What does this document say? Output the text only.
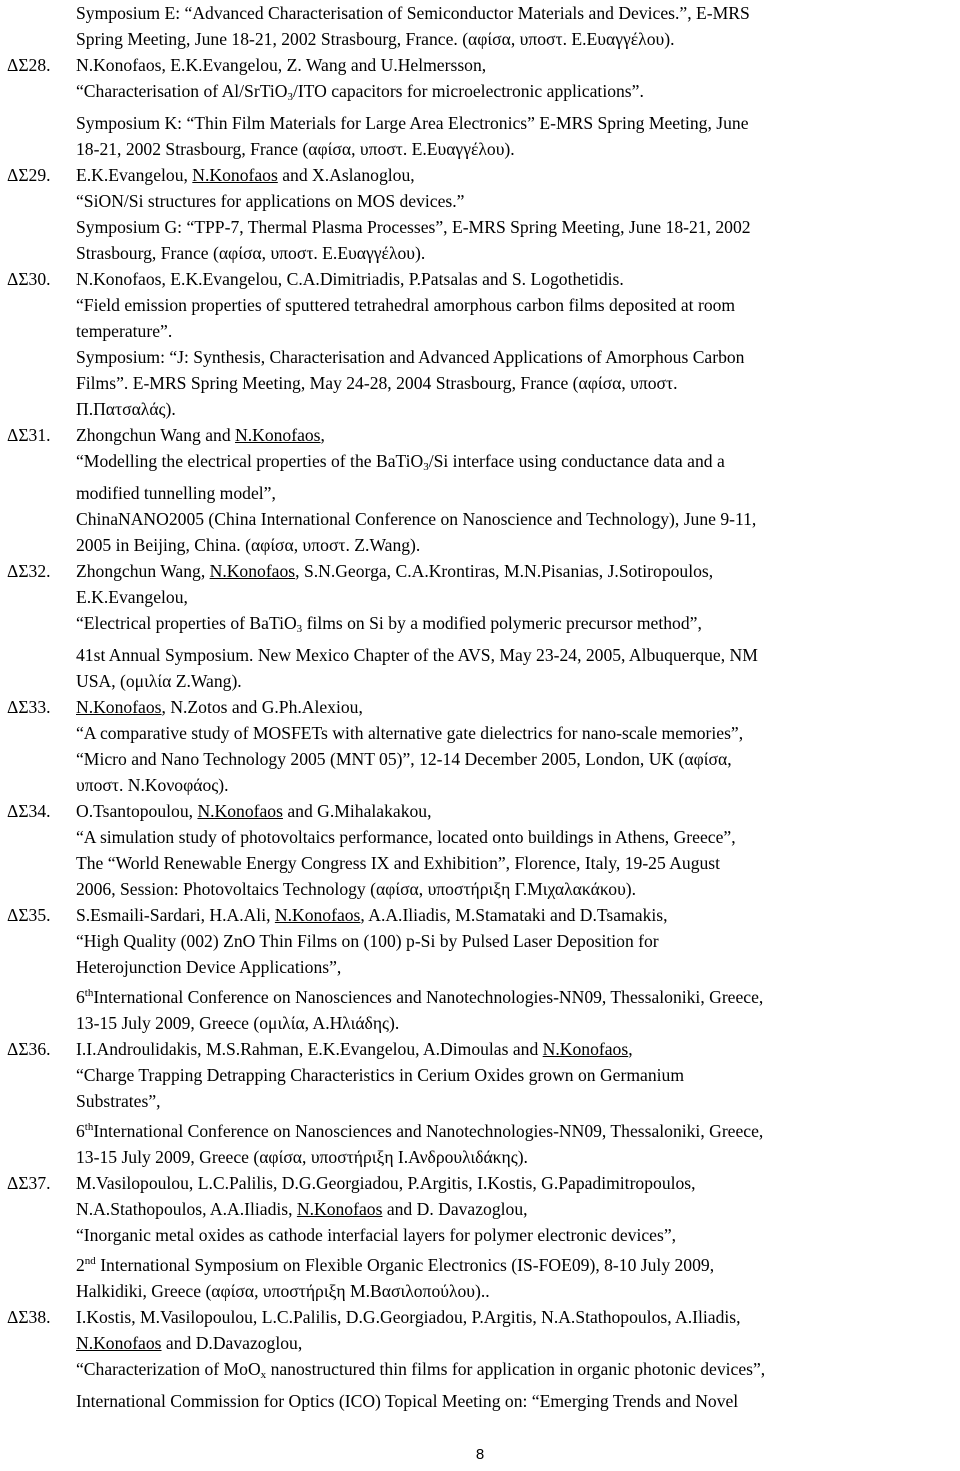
Symposium E: “Advanced Characterisation of Semiconductor Materials and Devices.”, E-MRS
Spring Meeting, June 18-21, 2002 Strasbourg, France. (αφίσα, υποστ. Ε.Ευαγγέλου).
ΔΣ28. N.Konofaos, E.K.Evangelou, Z. Wang and U.Helmersson,
“Characterisation of Al/SrTiO$_3$/ITO capacitors for microelectronic applications”.
Symposium K: “Thin Film Materials for Large Area Electronics” E-MRS Spring Meeting, June
18-21, 2002 Strasbourg, France (αφίσα, υποστ. Ε.Ευαγγέλου).
ΔΣ29. E.K.Evangelou, N.Konofaos and X.Aslanoglou,
“SiON/Si structures for applications on MOS devices.”
Symposium G: “TPP-7, Thermal Plasma Processes”, E-MRS Spring Meeting, June 18-21, 2002
Strasbourg, France (αφίσα, υποστ. Ε.Ευαγγέλου).
ΔΣ30. N.Konofaos, E.K.Evangelou, C.A.Dimitriadis, P.Patsalas and S. Logothetidis.
“Field emission properties of sputtered tetrahedral amorphous carbon films deposited at room
temperature”.
Symposium: “J: Synthesis, Characterisation and Advanced Applications of Amorphous Carbon
Films”. E-MRS Spring Meeting, May 24-28, 2004 Strasbourg, France (αφίσα, υποστ.
Π.Πατσαλάς).
ΔΣ31. Zhongchun Wang and N.Konofaos,
“Modelling the electrical properties of the BaTiO$_3$/Si interface using conductance data and a
modified tunnelling model”,
ChinaNANO2005 (China International Conference on Nanoscience and Technology), June 9-11,
2005 in Beijing, China. (αφίσα, υποστ. Z.Wang).
ΔΣ32. Zhongchun Wang, N.Konofaos, S.N.Georga, C.A.Krontiras, M.N.Pisanias, J.Sotiropoulos,
E.K.Evangelou,
“Electrical properties of BaTiO$_3$ films on Si by a modified polymeric precursor method”,
41st Annual Symposium. New Mexico Chapter of the AVS, May 23-24, 2005, Albuquerque, NM
USA, (ομιλία Z.Wang).
ΔΣ33. N.Konofaos, N.Zotos and G.Ph.Alexiou,
“A comparative study of MOSFETs with alternative gate dielectrics for nano-scale memories”,
“Micro and Nano Technology 2005 (MNT 05)”, 12-14 December 2005, London, UK (αφίσα,
υποστ. Ν.Κονοφάος).
ΔΣ34. O.Tsantopoulou, N.Konofaos and G.Mihalakakou,
“A simulation study of photovoltaics performance, located onto buildings in Athens, Greece”,
The “World Renewable Energy Congress IX and Exhibition”, Florence, Italy, 19-25 August
2006, Session: Photovoltaics Technology (αφίσα, υποστήριξη Γ.Μιχαλακάκου).
ΔΣ35. S.Esmaili-Sardari, H.A.Ali, N.Konofaos, A.A.Iliadis, M.Stamataki and D.Tsamakis,
“High Quality (002) ZnO Thin Films on (100) p-Si by Pulsed Laser Deposition for
Heterojunction Device Applications”,
6thInternational Conference on Nanosciences and Nanotechnologies-NN09, Thessaloniki, Greece,
13-15 July 2009, Greece (ομιλία, Α.Ηλιάδης).
ΔΣ36. I.I.Androulidakis, M.S.Rahman, E.K.Evangelou, A.Dimoulas and N.Konofaos,
“Charge Trapping Detrapping Characteristics in Cerium Oxides grown on Germanium
Substrates”,
6thInternational Conference on Nanosciences and Nanotechnologies-NN09, Thessaloniki, Greece,
13-15 July 2009, Greece (αφίσα, υποστήριξη Ι.Ανδρουλιδάκης).
ΔΣ37. M.Vasilopoulou, L.C.Palilis, D.G.Georgiadou, P.Argitis, I.Kostis, G.Papadimitropoulos,
N.A.Stathopoulos, A.A.Iliadis, N.Konofaos and D. Davazoglou,
“Inorganic metal oxides as cathode interfacial layers for polymer electronic devices”,
2nd International Symposium on Flexible Organic Electronics (IS-FOE09), 8-10 July 2009,
Halkidiki, Greece (αφίσα, υποστήριξη Μ.Βασιλοπούλου)..
ΔΣ38. I.Kostis, M.Vasilopoulou, L.C.Palilis, D.G.Georgiadou, P.Argitis, N.A.Stathopoulos, A.Iliadis,
N.Konofaos and D.Davazoglou,
“Characterization of MoO$_x$ nanostructured thin films for application in organic photonic devices”,
International Commission for Optics (ICO) Topical Meeting on: “Emerging Trends and Novel
8
